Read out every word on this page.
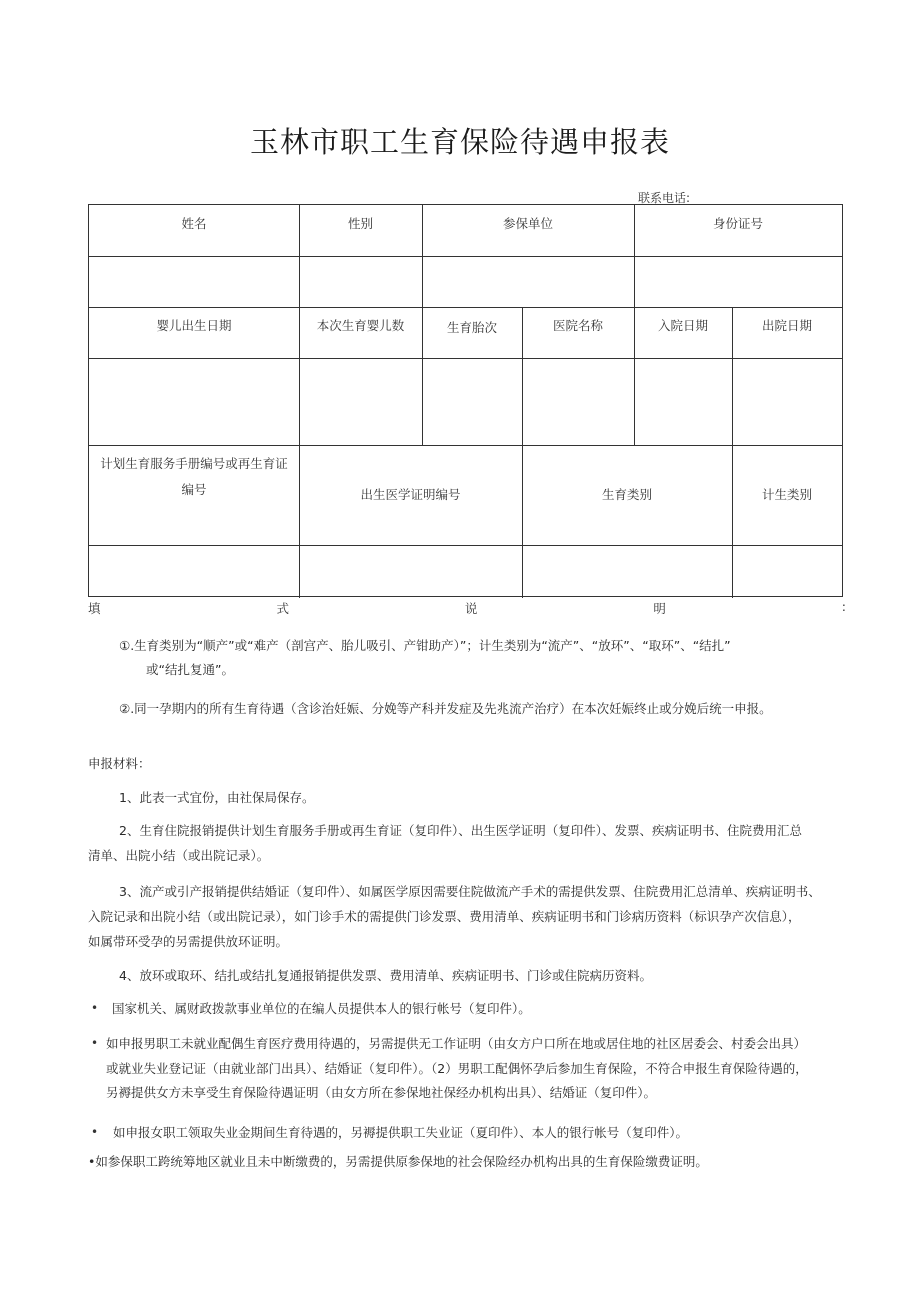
玉林市职工生育保险待遇申报表
联系电话:
姓名	性别	参保单位	身份证号
婴儿出生日期	本次生育婴儿数	生育胎次	医院名称	入院日期	出院日期
计划生育服务手册编号或再生育证
编号	出生医学证明编号	生育类别	计生类别
填	式	说	明	:
①.生育类别为“顺产”或“难产（剖宫产、胎儿吸引、产钳助产）”；计生类别为“流产”、“放环”、“取环”、“结扎”
或“结扎复通”。
②.同一孕期内的所有生育待遇（含诊治妊娠、分娩等产科并发症及先兆流产治疗）在本次妊娠终止或分娩后统一申报。
申报材料：
1、此表一式宜份，由社保局保存。
2、生育住院报销提供计划生育服务手册或再生育证（复印件）、出生医学证明（复印件）、发票、疾病证明书、住院费用汇总
清单、出院小结（或出院记录）。
3、流产或引产报销提供结婚证（复印件）、如属医学原因需要住院做流产手术的需提供发票、住院费用汇总清单、疾病证明书、
入院记录和出院小结（或出院记录），如门诊手术的需提供门诊发票、费用清单、疾病证明书和门诊病历资料（标识孕产次信息），
如属带环受孕的另需提供放环证明。
4、放环或取环、结扎或结扎复通报销提供发票、费用清单、疾病证明书、门诊或住院病历资料。
• 国家机关、属财政拨款事业单位的在编人员提供本人的银行帐号（复印件）。
• 如申报男职工未就业配偶生育医疗费用待遇的，另需提供无工作证明（由女方户口所在地或居住地的社区居委会、村委会出具）
或就业失业登记证（由就业部门出具）、结婚证（复印件）。（2）男职工配偶怀孕后参加生育保险，不符合申报生育保险待遇的，
另褥提供女方未享受生育保险待遇证明（由女方所在参保地社保经办机构出具）、结婚证（复印件）。
• 如申报女职工领取失业金期间生育待遇的，另褥提供职工失业证（夏印件）、本人的银行帐号（复印件）。
•如参保职工跨统筹地区就业且未中断缴费的，另需提供原参保地的社会保险经办机构出具的生育保险缴费证明。
